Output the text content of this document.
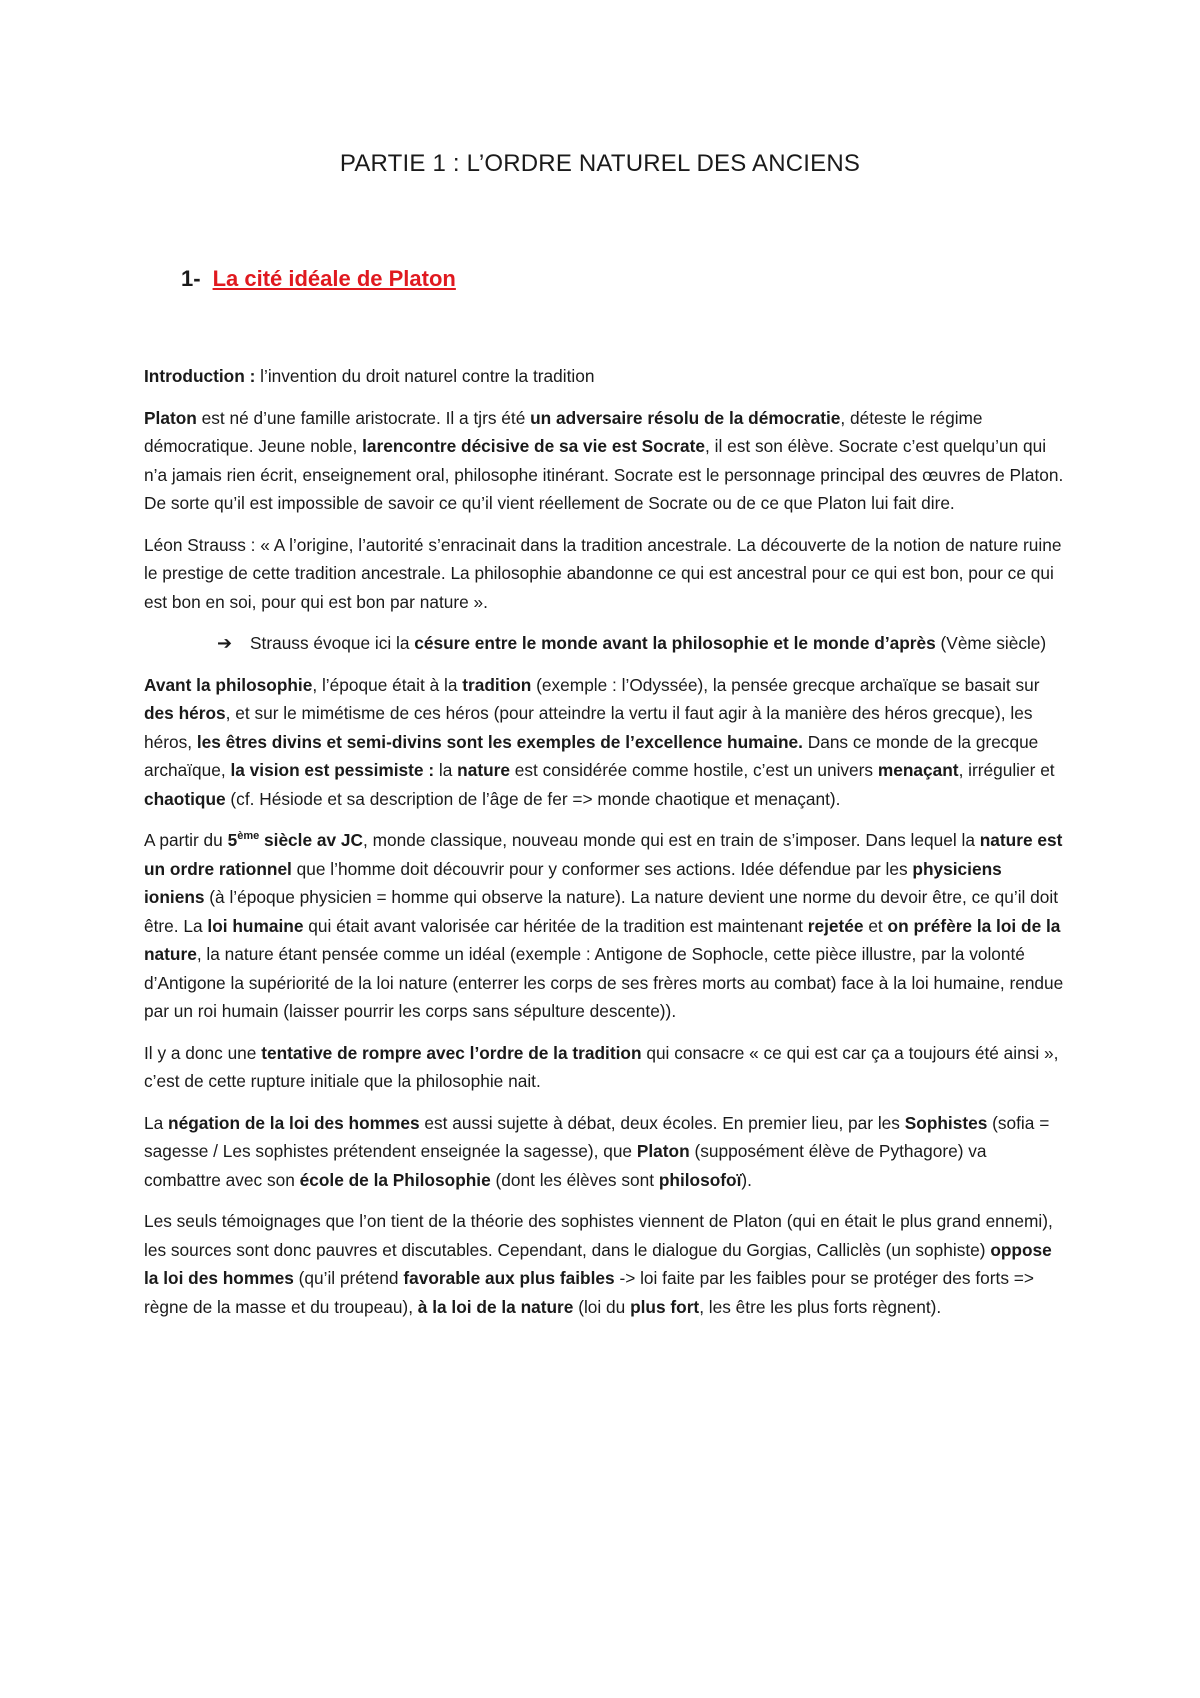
PARTIE 1 : L’ORDRE NATUREL DES ANCIENS
1- La cité idéale de Platon

Introduction : l’invention du droit naturel contre la tradition

Platon est né d’une famille aristocrate. Il a tjrs été un adversaire résolu de la démocratie, déteste le régime démocratique. Jeune noble, larencontre décisive de sa vie est Socrate, il est son élève. Socrate c’est quelqu’un qui n’a jamais rien écrit, enseignement oral, philosophe itinérant. Socrate est le personnage principal des œuvres de Platon. De sorte qu’il est impossible de savoir ce qu’il vient réellement de Socrate ou de ce que Platon lui fait dire.

Léon Strauss : « A l’origine, l’autorité s’enracinait dans la tradition ancestrale. La découverte de la notion de nature ruine le prestige de cette tradition ancestrale. La philosophie abandonne ce qui est ancestral pour ce qui est bon, pour ce qui est bon en soi, pour qui est bon par nature ».

➔ Strauss évoque ici la césure entre le monde avant la philosophie et le monde d’après (Vème siècle)

Avant la philosophie, l’époque était à la tradition (exemple : l’Odyssée), la pensée grecque archaïque se basait sur des héros, et sur le mimétisme de ces héros (pour atteindre la vertu il faut agir à la manière des héros grecque), les héros, les êtres divins et semi-divins sont les exemples de l’excellence humaine. Dans ce monde de la grecque archaïque, la vision est pessimiste : la nature est considérée comme hostile, c’est un univers menaçant, irrégulier et chaotique (cf. Hésiode et sa description de l’âge de fer => monde chaotique et menaçant).

A partir du 5ème siècle av JC, monde classique, nouveau monde qui est en train de s’imposer. Dans lequel la nature est un ordre rationnel que l’homme doit découvrir pour y conformer ses actions. Idée défendue par les physiciens ioniens (à l’époque physicien = homme qui observe la nature). La nature devient une norme du devoir être, ce qu’il doit être. La loi humaine qui était avant valorisée car héritée de la tradition est maintenant rejetée et on préfère la loi de la nature, la nature étant pensée comme un idéal (exemple : Antigone de Sophocle, cette pièce illustre, par la volonté d’Antigone la supériorité de la loi nature (enterrer les corps de ses frères morts au combat) face à la loi humaine, rendue par un roi humain (laisser pourrir les corps sans sépulture descente)).

Il y a donc une tentative de rompre avec l’ordre de la tradition qui consacre « ce qui est car ça a toujours été ainsi », c’est de cette rupture initiale que la philosophie nait.

La négation de la loi des hommes est aussi sujette à débat, deux écoles. En premier lieu, par les Sophistes (sofia = sagesse / Les sophistes prétendent enseignée la sagesse), que Platon (supposément élève de Pythagore) va combattre avec son école de la Philosophie (dont les élèves sont philosofoï).

Les seuls témoignages que l’on tient de la théorie des sophistes viennent de Platon (qui en était le plus grand ennemi), les sources sont donc pauvres et discutables. Cependant, dans le dialogue du Gorgias, Calliclès (un sophiste) oppose la loi des hommes (qu’il prétend favorable aux plus faibles -> loi faite par les faibles pour se protéger des forts => règne de la masse et du troupeau), à la loi de la nature (loi du plus fort, les être les plus forts règnent).
